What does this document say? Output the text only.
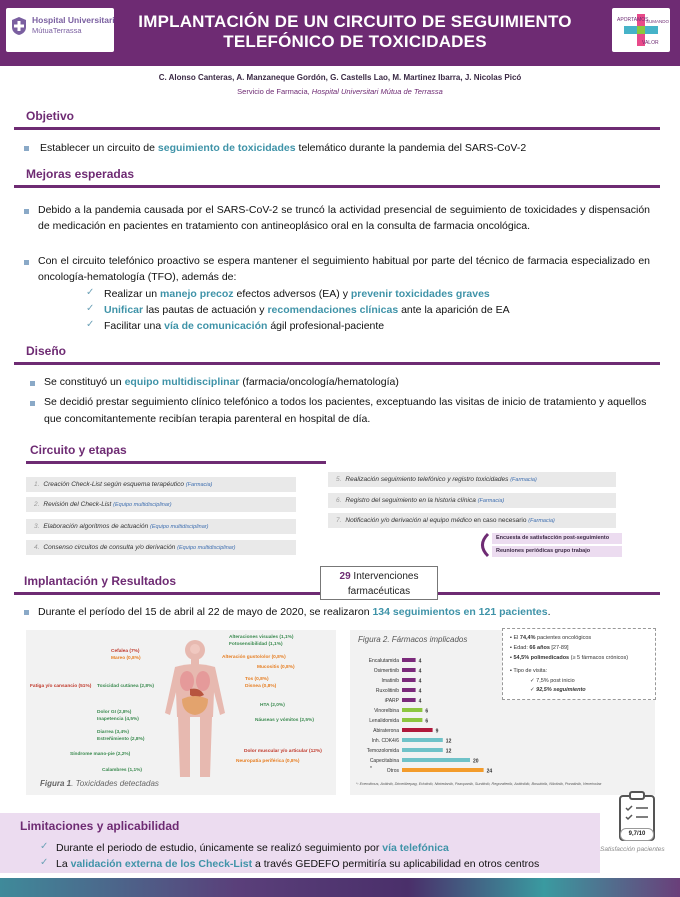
Hospital Universitari
MútuaTerrassa	IMPLANTACIÓN DE UN CIRCUITO DE SEGUIMIENTO
TELEFÓNICO DE TOXICIDADES
APORTAMOS
VALOR
SUMANDO
C. Alonso Canteras, A. Manzaneque Gordón, G. Castells Lao, M. Martinez Ibarra, J. Nicolas Picó
Servicio de Farmacia, Hospital Universitari Mútua de Terrassa
Objetivo
Establecer un circuito de seguimiento de toxicidades telemático durante la pandemia del SARS-CoV-2
Mejoras esperadas
Debido a la pandemia causada por el SARS-CoV-2 se truncó la actividad presencial de seguimiento de toxicidades y dispensación de medicación en pacientes en tratamiento con antineoplásico oral en la consulta de farmacia oncológica.
Con el circuito telefónico proactivo se espera mantener el seguimiento habitual por parte del técnico de farmacia especializado en oncología-hematología (TFO), además de:
✓ Realizar un manejo precoz efectos adversos (EA) y prevenir toxicidades graves
✓ Unificar las pautas de actuación y recomendaciones clínicas ante la aparición de EA
✓ Facilitar una vía de comunicación ágil profesional-paciente
Diseño
Se constituyó un equipo multidisciplinar (farmacia/oncología/hematología)
Se decidió prestar seguimiento clínico telefónico a todos los pacientes, exceptuando las visitas de inicio de tratamiento y aquellos que concomitantemente recibían terapia parenteral en hospital de día.
Circuito y etapas
1. Creación Check-List según esquema terapéutico (Farmacia)
2. Revisión del Check-List (Equipo multidisciplinar)
3. Elaboración algoritmos de actuación (Equipo multidisciplinar)
4. Consenso circuitos de consulta y/o derivación (Equipo multidisciplinar)
5. Realización seguimiento telefónico y registro toxicidades (Farmacia)
6. Registro del seguimiento en la historia clínica (Farmacia)
7. Notificación y/o derivación al equipo médico en caso necesario (Farmacia)
Encuesta de satisfacción post-seguimiento
Reuniones periódicas grupo trabajo
Implantación y Resultados	29 Intervenciones
farmacéuticas
Durante el período del 15 de abril al 22 de mayo de 2020, se realizaron 134 seguimientos en 121 pacientes.
Alteraciones visuales (1,1%)
Fotosensibilidad (1,1%)
Cefalea (7%)
Mareo (0,8%)	Alteración gusto/olor (0,8%)
Mucositis (0,8%)
Fatiga y/o cansancio (51%) Toxicidad cutánea (2,8%)
Tos (0,8%)
Disnea (0,8%)
HTA (2,0%)
Dolor GI (2,8%)
Inapetencia (4,5%)	Náuseas y vómitos (2,5%)
Diarrea (3,4%)
Estreñimiento (2,8%)
Dolor muscular y/o articular (12%)
Síndrome mano-pie (2,2%)
Neuropatía periférica (0,8%)
Calambres (1,1%)
Figura 1. Toxicidades detectadas
Figura 2. Fármacos implicados
Encalutamida	4
Osimertinib	4
Imatinib	4
Ruxolitinib	4
iPARP	4
Vinorelbina	6
Lenalidomida	6
Abiraterona	9
Inh. CDK4/6	12
Temozolomida	12
Capecitabina	20
Otros	24
*
*: Everolimus, Axitinib, Dimetilzepag, Erlotinib, Nintedanib, Pazopanib, Sunitinib, Regorafenib, Axitinibib, Bosutinib, Nilotinib, Ponatinib, Venetoclax
▪ El 74,4% pacientes oncológicos
▪ Edad: 66 años [27-89]
▪ 54,5% polimedicados (≥ 5 fármacos crónicos)
▪ Tipo de visita:
✓ 7,5% post inicio
✓ 92,5% seguimiento
Limitaciones y aplicabilidad
✓ Durante el periodo de estudio, únicamente se realizó seguimiento por vía telefónica
✓ La validación externa de los Check-List a través GEDEFO permitiría su aplicabilidad en otros centros
9,7/10
Satisfacción pacientes
